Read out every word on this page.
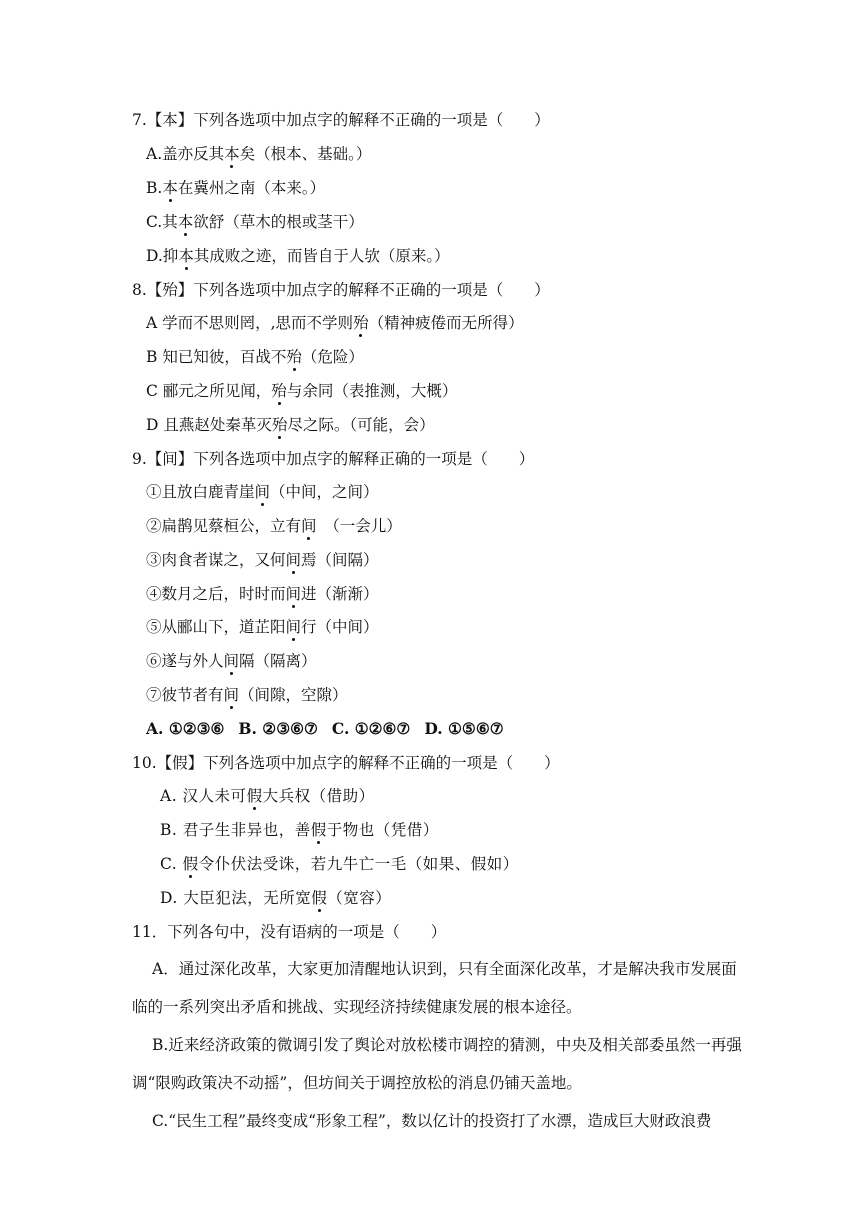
7.【本】下列各选项中加点字的解释不正确的一项是（　　）
A.盖亦反其本矣（根本、基础。）
B.本在冀州之南（本来。）
C.其本欲舒（草木的根或茎干）
D.抑本其成败之迹，而皆自于人欤（原来。）
8.【殆】下列各选项中加点字的解释不正确的一项是（　　）
A 学而不思则罔，,思而不学则殆（精神疲倦而无所得）
B 知已知彼，百战不殆（危险）
C 郦元之所见闻，殆与余同（表推测，大概）
D 且燕赵处秦革灭殆尽之际。（可能，会）
9.【间】下列各选项中加点字的解释正确的一项是（　　）
①且放白鹿青崖间（中间，之间）
②扁鹊见蔡桓公，立有间　（一会儿）
③肉食者谋之，又何间焉（间隔）
④数月之后，时时而间进（渐渐）
⑤从郦山下，道芷阳间行（中间）
⑥遂与外人间隔（隔离）
⑦彼节者有间（间隙，空隙）
A. ①②③⑥ B. ②③⑥⑦ C. ①②⑥⑦ D. ①⑤⑥⑦
10.【假】下列各选项中加点字的解释不正确的一项是（　　）
A. 汉人未可假大兵权（借助）
B. 君子生非异也，善假于物也（凭借）
C. 假令仆伏法受诛，若九牛亡一毛（如果、假如）
D. 大臣犯法，无所宽假（宽容）
11．下列各句中，没有语病的一项是（　　）
A．通过深化改革，大家更加清醒地认识到，只有全面深化改革，才是解决我市发展面
临的一系列突出矛盾和挑战、实现经济持续健康发展的根本途径。
B.近来经济政策的微调引发了舆论对放松楼市调控的猜测，中央及相关部委虽然一再强
调“限购政策决不动摇”，但坊间关于调控放松的消息仍铺天盖地。
C.“民生工程”最终变成“形象工程”，数以亿计的投资打了水漂，造成巨大财政浪费
